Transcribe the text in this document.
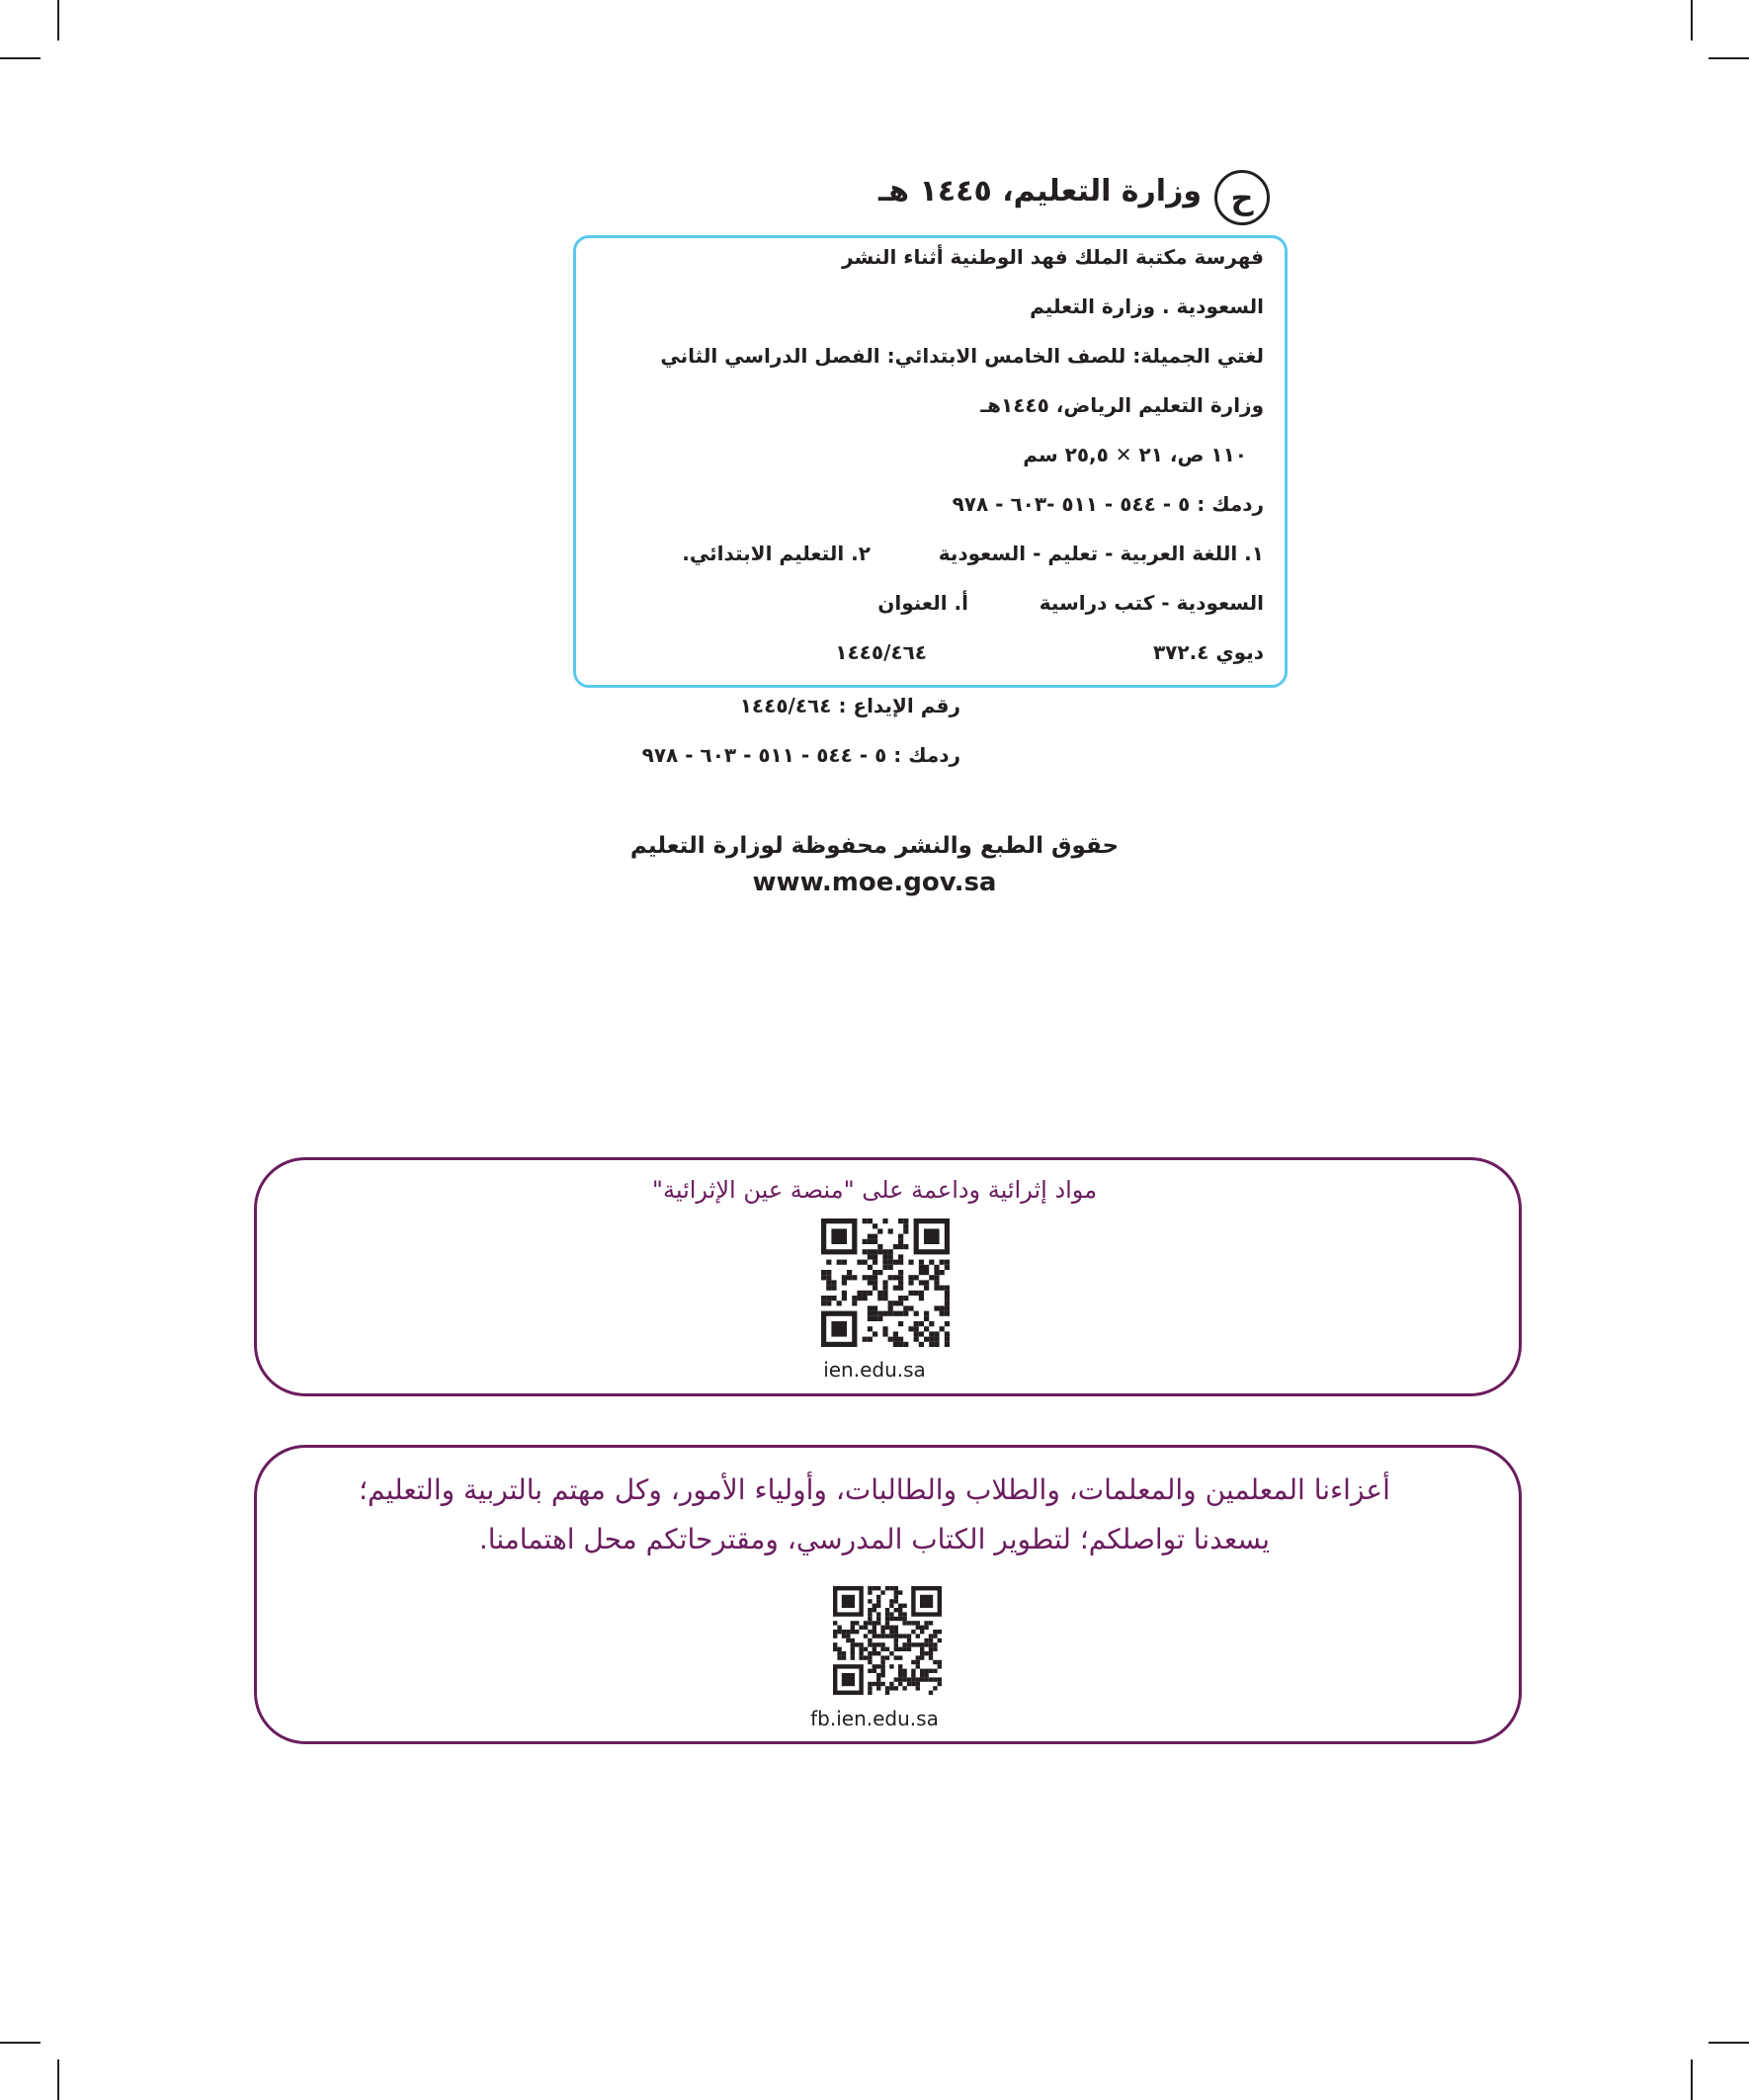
ح
وزارة التعليم، ١٤٤٥ هـ
فهرسة مكتبة الملك فهد الوطنية أثناء النشر
السعودية . وزارة التعليم
لغتي الجميلة: للصف الخامس الابتدائي: الفصل الدراسي الثاني
وزارة التعليم الرياض، ١٤٤٥هـ
١١٠ ص، ٢١ ✕ ٢٥,٥ سم
ردمك : ٥ - ٥٤٤ - ٥١١ -٦٠٣ - ٩٧٨
١. اللغة العربية - تعليم - السعودية
٢. التعليم الابتدائي.
السعودية - كتب دراسية
أ. العنوان
ديوي ٣٧٢.٤
١٤٤٥/٤٦٤
رقم الإيداع : ١٤٤٥/٤٦٤
ردمك : ٥ - ٥٤٤ - ٥١١ - ٦٠٣ - ٩٧٨
حقوق الطبع والنشر محفوظة لوزارة التعليم
www.moe.gov.sa
مواد إثرائية وداعمة على "منصة عين الإثرائية"
ien.edu.sa
أعزاءنا المعلمين والمعلمات، والطلاب والطالبات، وأولياء الأمور، وكل مهتم بالتربية والتعليم؛
يسعدنا تواصلكم؛ لتطوير الكتاب المدرسي، ومقترحاتكم محل اهتمامنا.
fb.ien.edu.sa
